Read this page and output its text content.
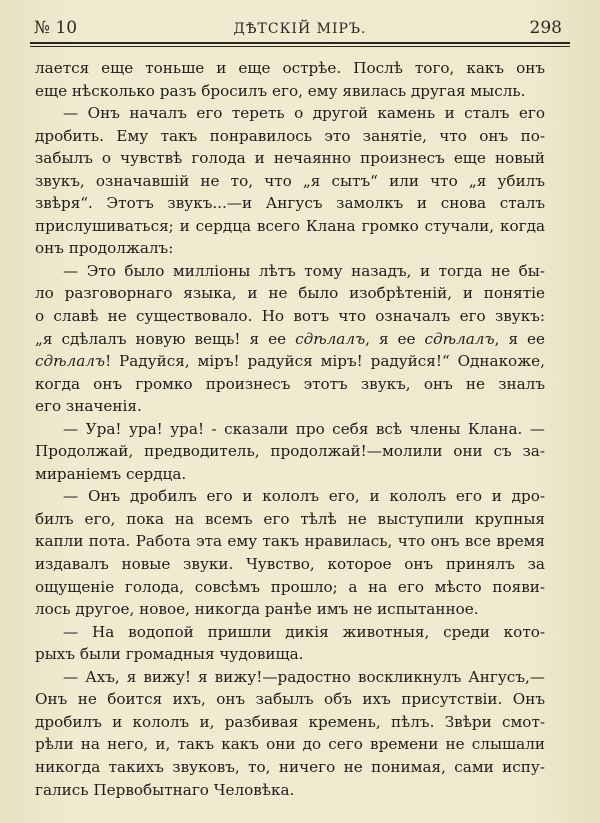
№ 10	ДѢТСКІЙ МІРЪ.	298
лается еще тоньше и еще острѣе. Послѣ того, какъ онъ
еще нѣсколько разъ бросилъ его, ему явилась другая мысль.
— Онъ началъ его тереть о другой камень и сталъ его
дробить. Ему такъ понравилось это занятіе, что онъ по-
забылъ о чувствѣ голода и нечаянно произнесъ еще новый
звукъ, означавшій не то, что „я сытъ“ или что „я убилъ
звѣря“. Этотъ звукъ...—и Ангусъ замолкъ и снова сталъ
прислушиваться; и сердца всего Клана громко стучали, когда
онъ продолжалъ:
— Это было милліоны лѣтъ тому назадъ, и тогда не бы-
ло разговорнаго языка, и не было изобрѣтеній, и понятіе
о славѣ не существовало. Но вотъ что означалъ его звукъ:
„я сдѣлалъ новую вещь! я ее сдѣлалъ, я ее сдѣлалъ, я ее
сдѣлалъ! Радуйся, міръ! радуйся міръ! радуйся!“ Однакоже,
когда онъ громко произнесъ этотъ звукъ, онъ не зналъ
его значенія.
— Ура! ура! ура! - сказали про себя всѣ члены Клана. —
Продолжай, предводитель, продолжай!—молили они съ за-
миранiемъ сердца.
— Онъ дробилъ его и кололъ его, и кололъ его и дро-
билъ его, пока на всемъ его тѣлѣ не выступили крупныя
капли пота. Работа эта ему такъ нравилась, что онъ все время
издавалъ новые звуки. Чувство, которое онъ принялъ за
ощущеніе голода, совсѣмъ прошло; а на его мѣсто появи-
лось другое, новое, никогда ранѣе имъ не испытанное.
— На водопой пришли дикія животныя, среди кото-
рыхъ были громадныя чудовища.
— Ахъ, я вижу! я вижу!—радостно воскликнулъ Ангусъ,—
Онъ не боится ихъ, онъ забылъ объ ихъ присутствіи. Онъ
дробилъ и кололъ и, разбивая кремень, пѣлъ. Звѣри смот-
рѣли на него, и, такъ какъ они до сего времени не слышали
никогда такихъ звуковъ, то, ничего не понимая, сами испу-
гались Первобытнаго Человѣка.
